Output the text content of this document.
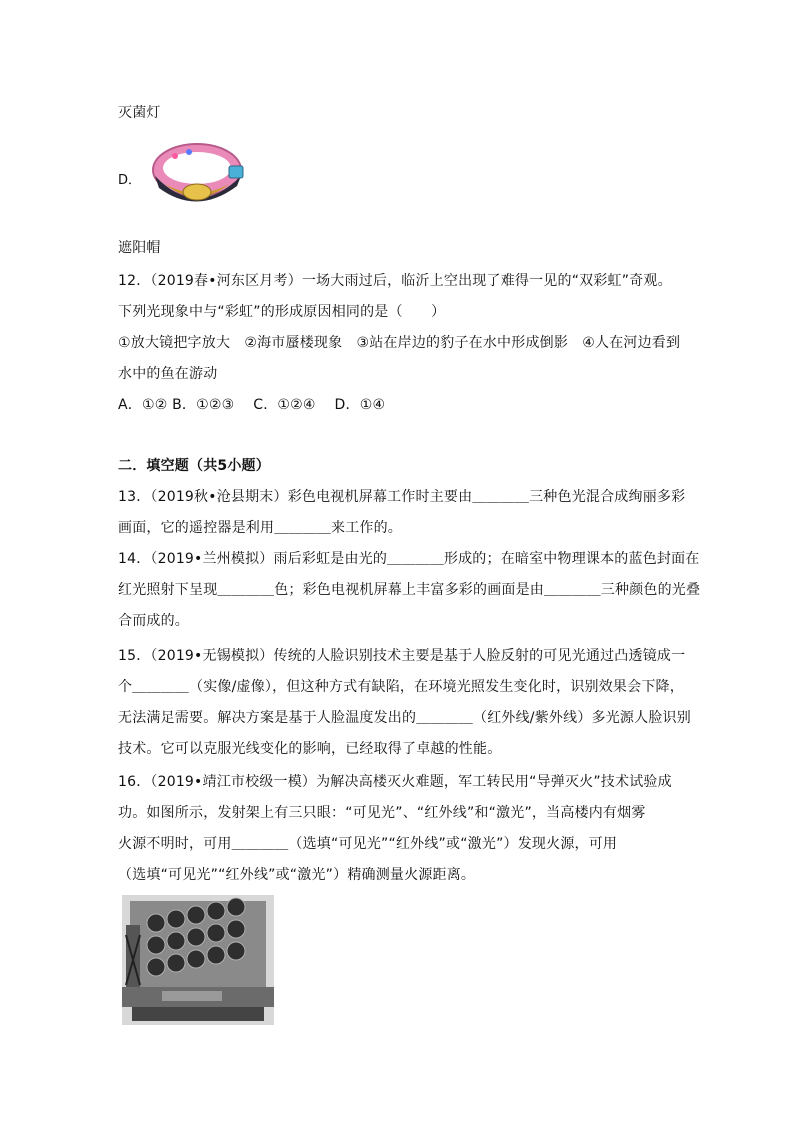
灭菌灯
D．
遮阳帽
12．（2019春•河东区月考）一场大雨过后，临沂上空出现了难得一见的“双彩虹”奇观。
下列光现象中与“彩虹”的形成原因相同的是（　　）
①放大镜把字放大　②海市蜃楼现象　③站在岸边的豹子在水中形成倒影　④人在河边看到
水中的鱼在游动
A．①② B．①②③　 C．①②④　 D．①④
二．填空题（共5小题）
13．（2019秋•沧县期末）彩色电视机屏幕工作时主要由＿＿＿＿三种色光混合成绚丽多彩
画面，它的遥控器是利用＿＿＿＿来工作的。
14．（2019•兰州模拟）雨后彩虹是由光的＿＿＿＿形成的；在暗室中物理课本的蓝色封面在
红光照射下呈现＿＿＿＿色；彩色电视机屏幕上丰富多彩的画面是由＿＿＿＿三种颜色的光叠
合而成的。
15．（2019•无锡模拟）传统的人脸识别技术主要是基于人脸反射的可见光通过凸透镜成一
个＿＿＿＿（实像/虚像），但这种方式有缺陷，在环境光照发生变化时，识别效果会下降，
无法满足需要。解决方案是基于人脸温度发出的＿＿＿＿（红外线/紫外线）多光源人脸识别
技术。它可以克服光线变化的影响，已经取得了卓越的性能。
16．（2019•靖江市校级一模）为解决高楼灭火难题，军工转民用“导弹灭火”技术试验成
功。如图所示，发射架上有三只眼：“可见光”、“红外线”和“激光”，当高楼内有烟雾
火源不明时，可用＿＿＿＿（选填“可见光”“红外线”或“激光”）发现火源，可用
（选填“可见光”“红外线”或“激光”）精确测量火源距离。
